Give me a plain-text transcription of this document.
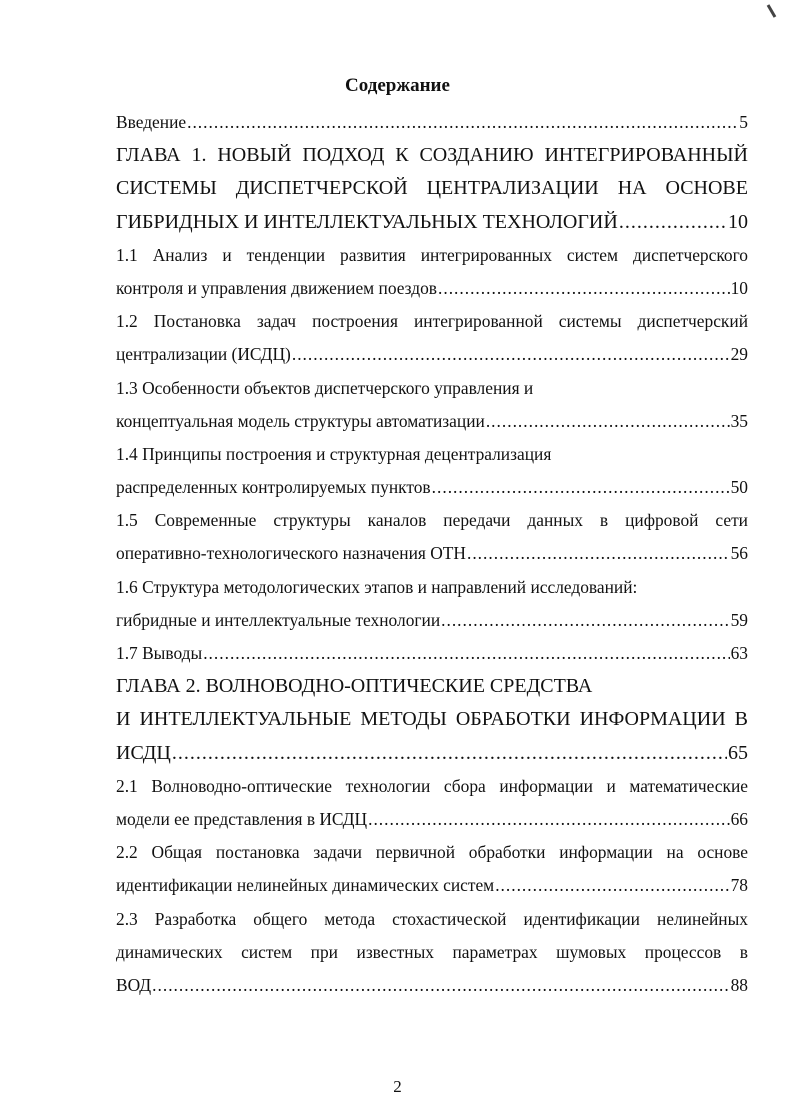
Содержание
Введение .....	5
ГЛАВА 1. НОВЫЙ ПОДХОД К СОЗДАНИЮ ИНТЕГРИРОВАННЫЙ
СИСТЕМЫ ДИСПЕТЧЕРСКОЙ ЦЕНТРАЛИЗАЦИИ НА ОСНОВЕ
ГИБРИДНЫХ И ИНТЕЛЛЕКТУАЛЬНЫХ ТЕХНОЛОГИЙ .....	10
1.1 Анализ и тенденции развития интегрированных систем диспетчерского
контроля и управления движением поездов .....	10
1.2 Постановка задач построения интегрированной системы диспетчерский
централизации (ИСДЦ) .....	29
1.3 Особенности объектов диспетчерского управления и
концептуальная модель структуры автоматизации .....	35
1.4 Принципы построения и структурная децентрализация
распределенных контролируемых пунктов .....	50
1.5 Современные структуры каналов передачи данных в цифровой сети
оперативно-технологического назначения ОТН .....	56
1.6 Структура методологических этапов и направлений исследований:
гибридные и интеллектуальные технологии .....	59
1.7 Выводы .....	63
ГЛАВА 2. ВОЛНОВОДНО-ОПТИЧЕСКИЕ СРЕДСТВА
И ИНТЕЛЛЕКТУАЛЬНЫЕ МЕТОДЫ ОБРАБОТКИ ИНФОРМАЦИИ В
ИСДЦ .....	65
2.1 Волноводно-оптические технологии сбора информации и математические
модели ее представления в ИСДЦ .....	66
2.2 Общая постановка задачи первичной обработки информации на основе
идентификации нелинейных динамических систем .....	78
2.3 Разработка общего метода стохастической идентификации нелинейных
динамических систем при известных параметрах шумовых процессов в
ВОД .....	88
2
